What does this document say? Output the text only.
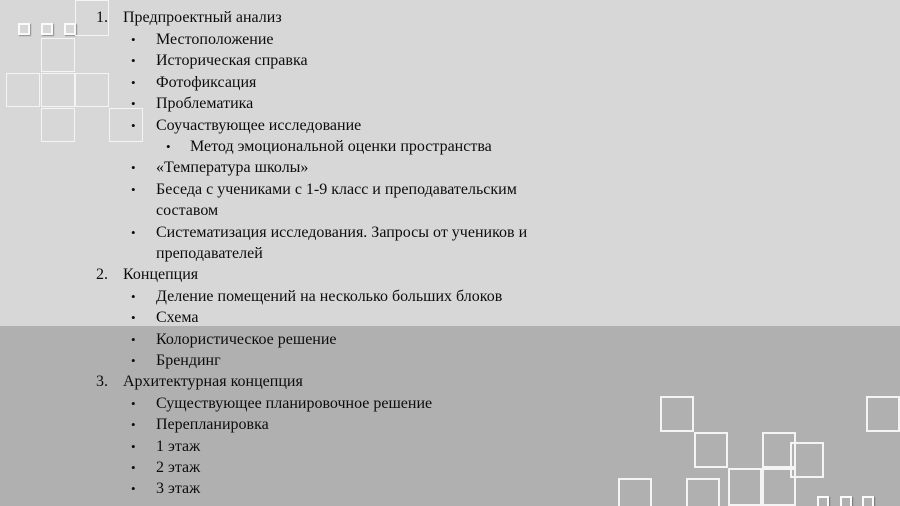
1. Предпроектный анализ
• Местоположение
• Историческая справка
• Фотофиксация
• Проблематика
• Соучаствующее исследование
• Метод эмоциональной оценки пространства
• «Температура школы»
• Беседа с учениками с 1-9 класс и преподавательским
составом
• Систематизация исследования. Запросы от учеников и
преподавателей
2. Концепция
• Деление помещений на несколько больших блоков
• Схема
• Колористическое решение
• Брендинг
3. Архитектурная концепция
• Существующее планировочное решение
• Перепланировка
• 1 этаж
• 2 этаж
• 3 этаж
